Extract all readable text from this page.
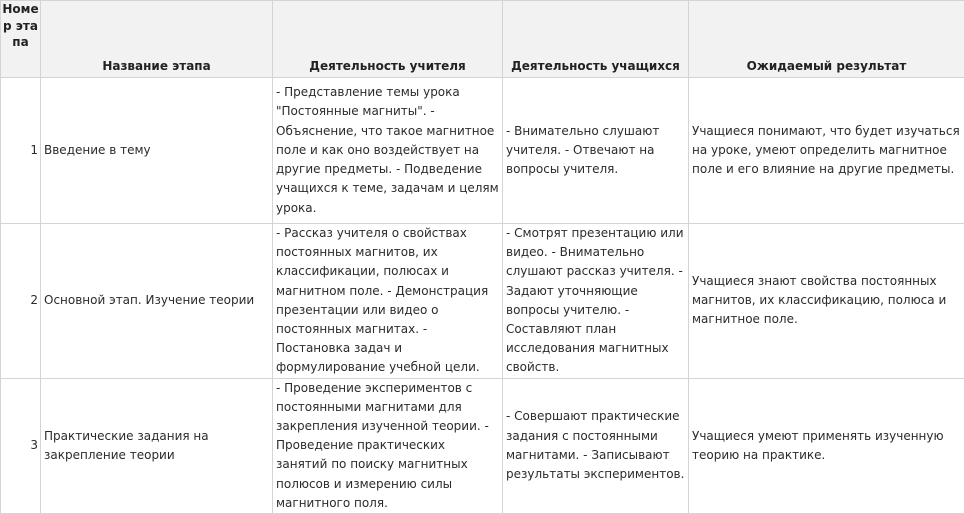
Номер этапа	Название этапа	Деятельность учителя	Деятельность учащихся	Ожидаемый результат
1	Введение в тему	- Представление темы урока "Постоянные магниты". - Объяснение, что такое магнитное поле и как оно воздействует на другие предметы. - Подведение учащихся к теме, задачам и целям урока.	- Внимательно слушают учителя. - Отвечают на вопросы учителя.	Учащиеся понимают, что будет изучаться на уроке, умеют определить магнитное поле и его влияние на другие предметы.
2	Основной этап. Изучение теории	- Рассказ учителя о свойствах постоянных магнитов, их классификации, полюсах и магнитном поле. - Демонстрация презентации или видео о постоянных магнитах. - Постановка задач и формулирование учебной цели.	- Смотрят презентацию или видео. - Внимательно слушают рассказ учителя. - Задают уточняющие вопросы учителю. - Составляют план исследования магнитных свойств.	Учащиеся знают свойства постоянных магнитов, их классификацию, полюса и магнитное поле.
3	Практические задания на закрепление теории	- Проведение экспериментов с постоянными магнитами для закрепления изученной теории. - Проведение практических занятий по поиску магнитных полюсов и измерению силы магнитного поля.	- Совершают практические задания с постоянными магнитами. - Записывают результаты экспериментов.	Учащиеся умеют применять изученную теорию на практике.
